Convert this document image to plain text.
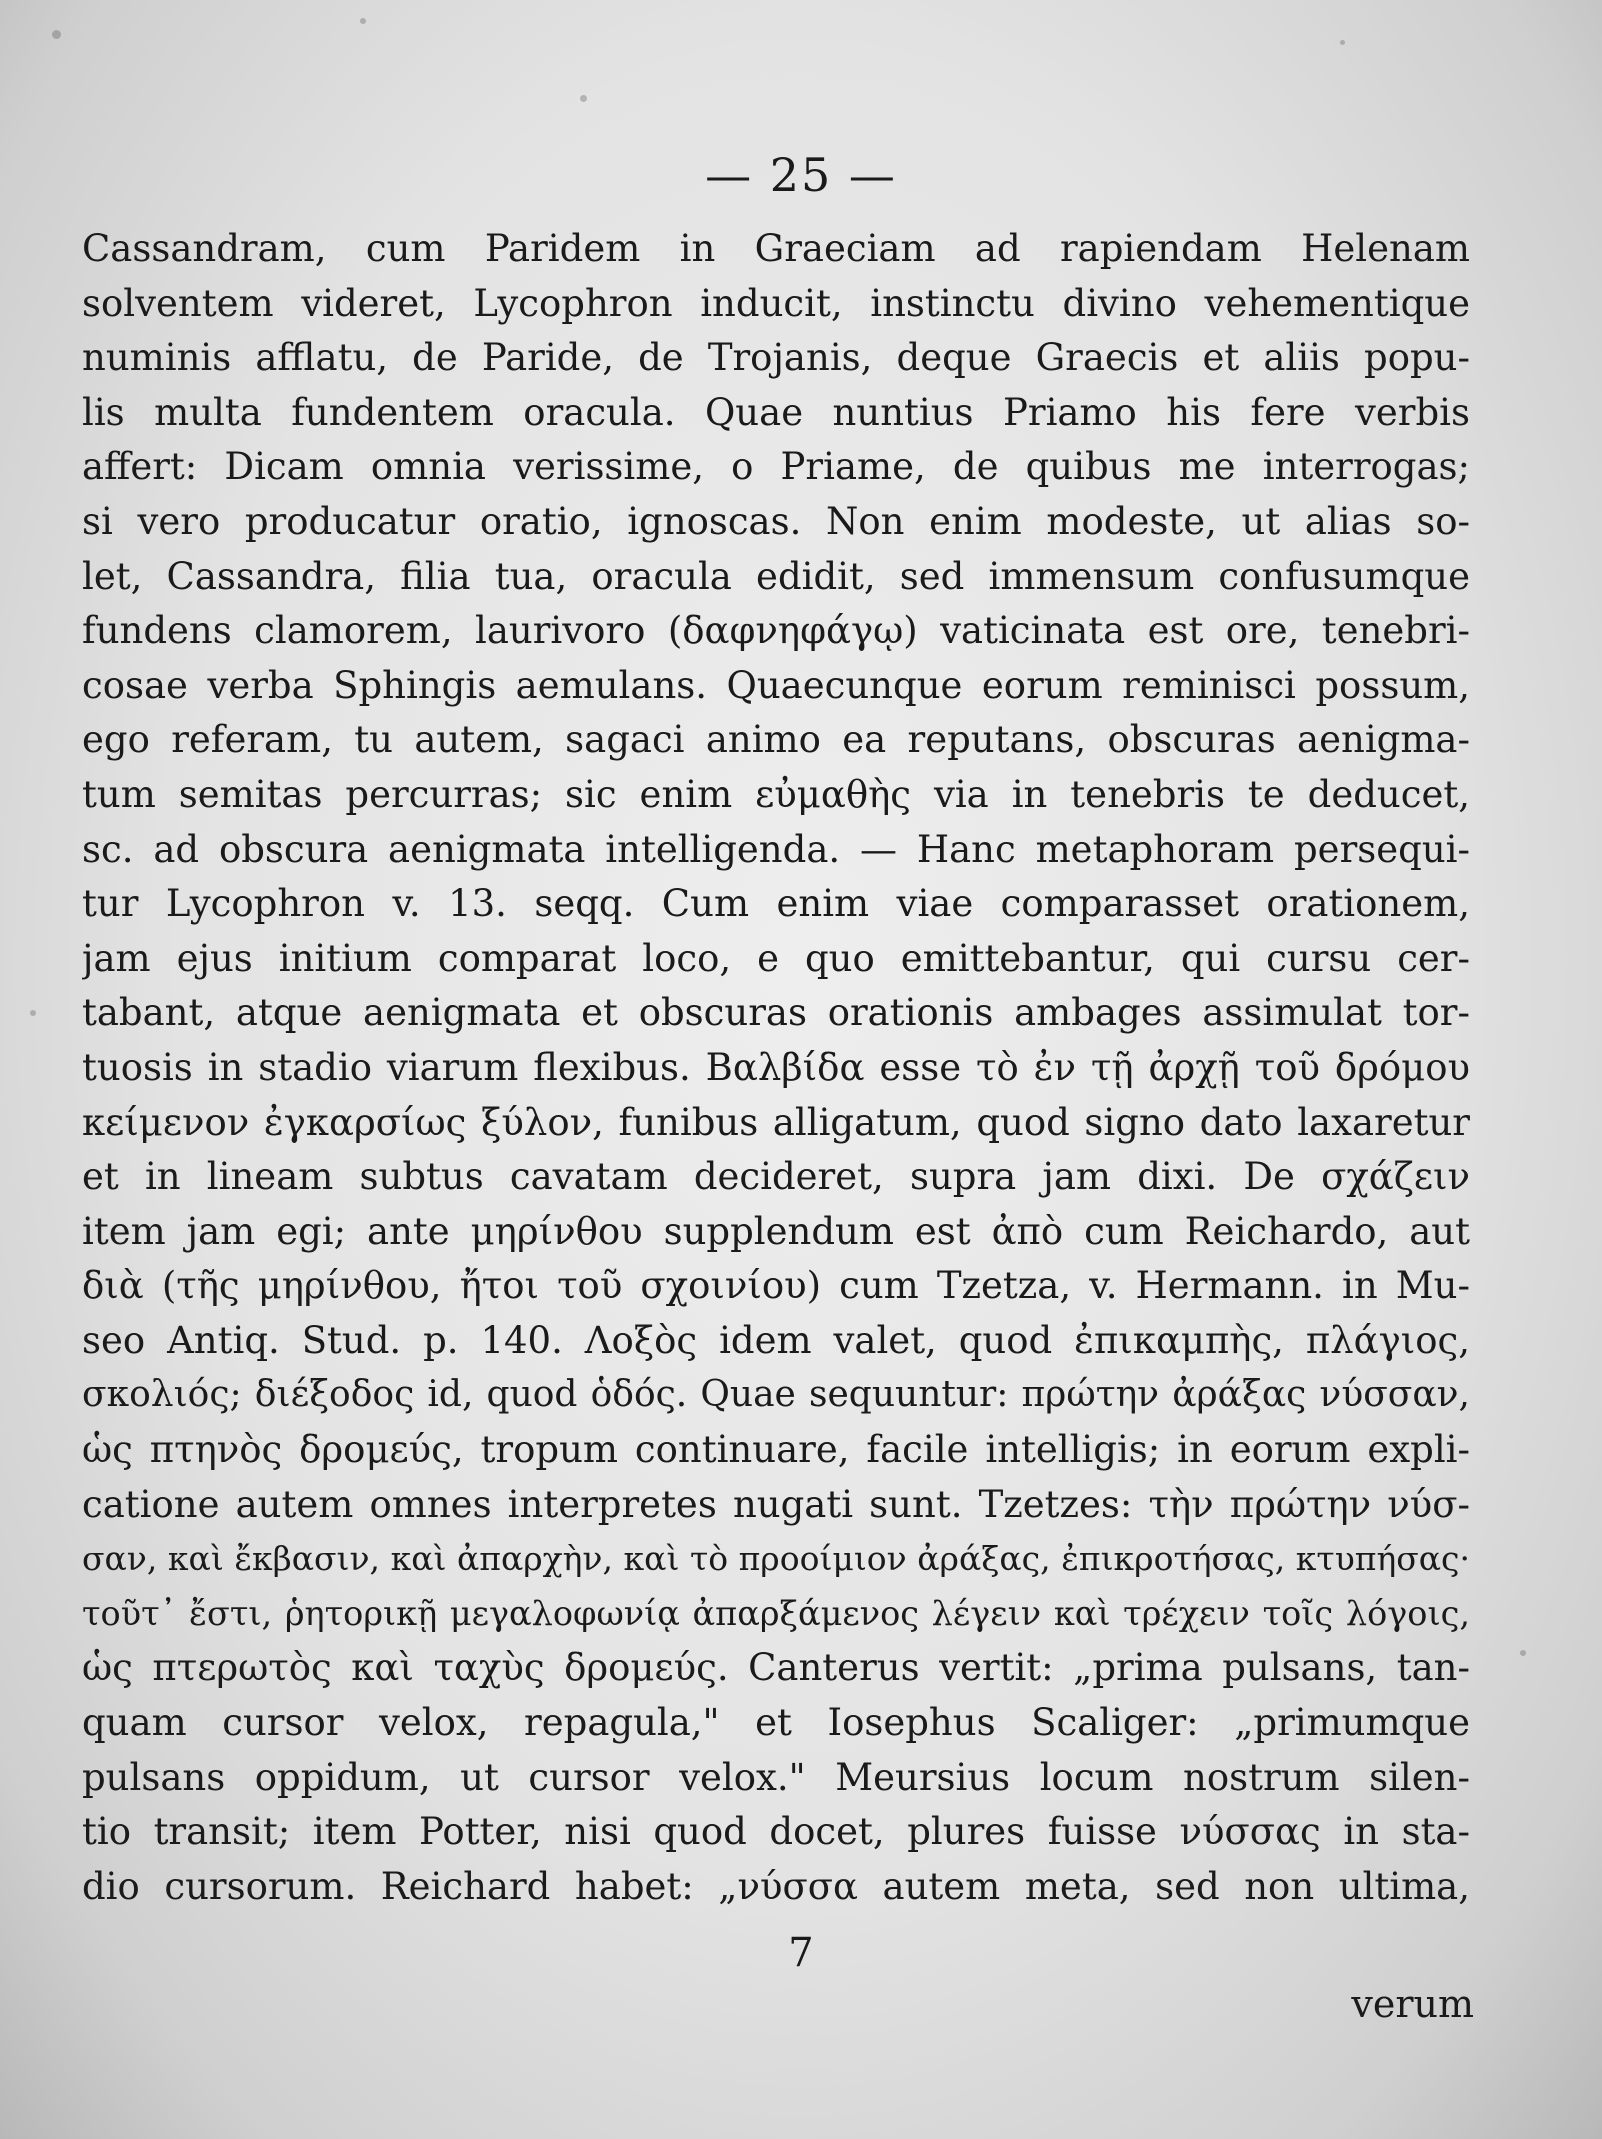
— 25 —
Cassandram, cum Paridem in Graeciam ad rapiendam Helenam
solventem videret, Lycophron inducit, instinctu divino vehementique
numinis afflatu, de Paride, de Trojanis, deque Graecis et aliis popu-
lis multa fundentem oracula. Quae nuntius Priamo his fere verbis
affert: Dicam omnia verissime, o Priame, de quibus me interrogas;
si vero producatur oratio, ignoscas. Non enim modeste, ut alias so-
let, Cassandra, filia tua, oracula edidit, sed immensum confusumque
fundens clamorem, laurivoro (δαφνηφάγῳ) vaticinata est ore, tenebri-
cosae verba Sphingis aemulans. Quaecunque eorum reminisci possum,
ego referam, tu autem, sagaci animo ea reputans, obscuras aenigma-
tum semitas percurras; sic enim εὐμαθὴς via in tenebris te deducet,
sc. ad obscura aenigmata intelligenda. — Hanc metaphoram persequi-
tur Lycophron v. 13. seqq. Cum enim viae comparasset orationem,
jam ejus initium comparat loco, e quo emittebantur, qui cursu cer-
tabant, atque aenigmata et obscuras orationis ambages assimulat tor-
tuosis in stadio viarum flexibus. Βαλβίδα esse τὸ ἐν τῇ ἀρχῇ τοῦ δρόμου
κείμενον ἐγκαρσίως ξύλον, funibus alligatum, quod signo dato laxaretur
et in lineam subtus cavatam decideret, supra jam dixi. De σχάζειν
item jam egi; ante μηρίνθου supplendum est ἀπὸ cum Reichardo, aut
διὰ (τῆς μηρίνθου, ἤτοι τοῦ σχοινίου) cum Tzetza, v. Hermann. in Mu-
seo Antiq. Stud. p. 140. Λοξὸς idem valet, quod ἐπικαμπὴς, πλάγιος,
σκολιός; διέξοδος id, quod ὁδός. Quae sequuntur: πρώτην ἀράξας νύσσαν,
ὡς πτηνὸς δρομεύς, tropum continuare, facile intelligis; in eorum expli-
catione autem omnes interpretes nugati sunt. Tzetzes: τὴν πρώτην νύσ-
σαν, καὶ ἔκβασιν, καὶ ἀπαρχὴν, καὶ τὸ προοίμιον ἀράξας, ἐπικροτήσας, κτυπήσας·
τοῦτ᾽ ἔστι, ῥητορικῇ μεγαλοφωνίᾳ ἀπαρξάμενος λέγειν καὶ τρέχειν τοῖς λόγοις,
ὡς πτερωτὸς καὶ ταχὺς δρομεύς. Canterus vertit: „prima pulsans, tan-
quam cursor velox, repagula," et Iosephus Scaliger: „primumque
pulsans oppidum, ut cursor velox." Meursius locum nostrum silen-
tio transit; item Potter, nisi quod docet, plures fuisse νύσσας in sta-
dio cursorum. Reichard habet: „νύσσα autem meta, sed non ultima,
7
verum
